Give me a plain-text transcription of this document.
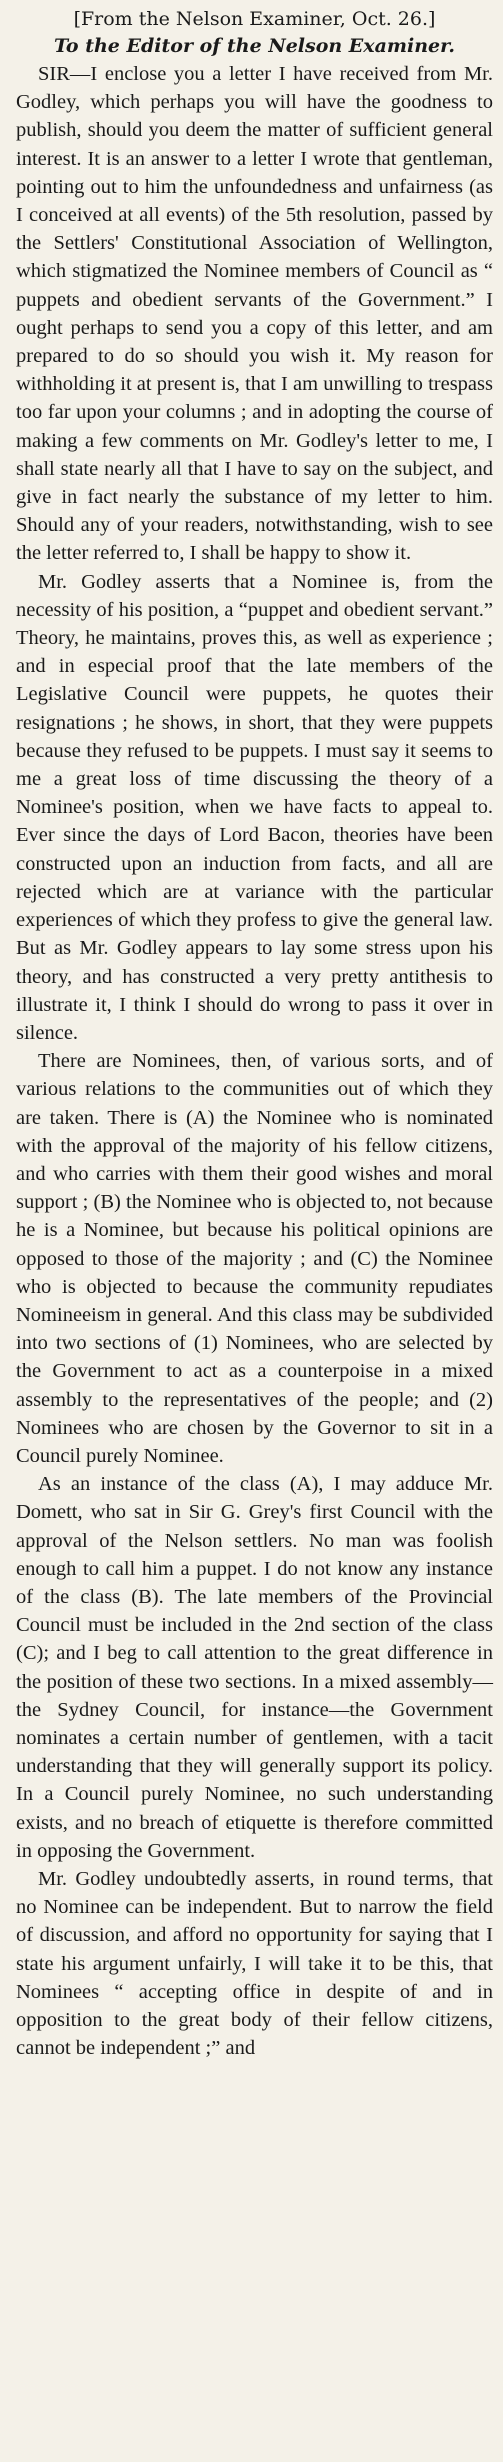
[From the Nelson Examiner, Oct. 26.]

To the Editor of the Nelson Examiner.

SIR—I enclose you a letter I have received from Mr. Godley, which perhaps you will have the goodness to publish, should you deem the matter of sufficient general interest. It is an answer to a letter I wrote that gentleman, pointing out to him the unfoundedness and unfairness (as I conceived at all events) of the 5th resolution, passed by the Settlers' Constitutional Association of Wellington, which stigmatized the Nominee members of Council as “ puppets and obedient servants of the Government.” I ought perhaps to send you a copy of this letter, and am prepared to do so should you wish it. My reason for withholding it at present is, that I am unwilling to trespass too far upon your columns ; and in adopting the course of making a few comments on Mr. Godley's letter to me, I shall state nearly all that I have to say on the subject, and give in fact nearly the substance of my letter to him. Should any of your readers, notwithstanding, wish to see the letter referred to, I shall be happy to show it.

Mr. Godley asserts that a Nominee is, from the necessity of his position, a “puppet and obedient servant.” Theory, he maintains, proves this, as well as experience ; and in especial proof that the late members of the Legislative Council were puppets, he quotes their resignations ; he shows, in short, that they were puppets because they refused to be puppets. I must say it seems to me a great loss of time discussing the theory of a Nominee's position, when we have facts to appeal to. Ever since the days of Lord Bacon, theories have been constructed upon an induction from facts, and all are rejected which are at variance with the particular experiences of which they profess to give the general law. But as Mr. Godley appears to lay some stress upon his theory, and has constructed a very pretty antithesis to illustrate it, I think I should do wrong to pass it over in silence.

There are Nominees, then, of various sorts, and of various relations to the communities out of which they are taken. There is (A) the Nominee who is nominated with the approval of the majority of his fellow citizens, and who carries with them their good wishes and moral support ; (B) the Nominee who is objected to, not because he is a Nominee, but because his political opinions are opposed to those of the majority ; and (C) the Nominee who is objected to because the community repudiates Nomineeism in general. And this class may be subdivided into two sections of (1) Nominees, who are selected by the Government to act as a counterpoise in a mixed assembly to the representatives of the people; and (2) Nominees who are chosen by the Governor to sit in a Council purely Nominee.

As an instance of the class (A), I may adduce Mr. Domett, who sat in Sir G. Grey's first Council with the approval of the Nelson settlers. No man was foolish enough to call him a puppet. I do not know any instance of the class (B). The late members of the Provincial Council must be included in the 2nd section of the class (C); and I beg to call attention to the great difference in the position of these two sections. In a mixed assembly—the Sydney Council, for instance—the Government nominates a certain number of gentlemen, with a tacit understanding that they will generally support its policy. In a Council purely Nominee, no such understanding exists, and no breach of etiquette is therefore committed in opposing the Government.

Mr. Godley undoubtedly asserts, in round terms, that no Nominee can be independent. But to narrow the field of discussion, and afford no opportunity for saying that I state his argument unfairly, I will take it to be this, that Nominees “ accepting office in despite of and in opposition to the great body of their fellow citizens, cannot be independent ;” and
